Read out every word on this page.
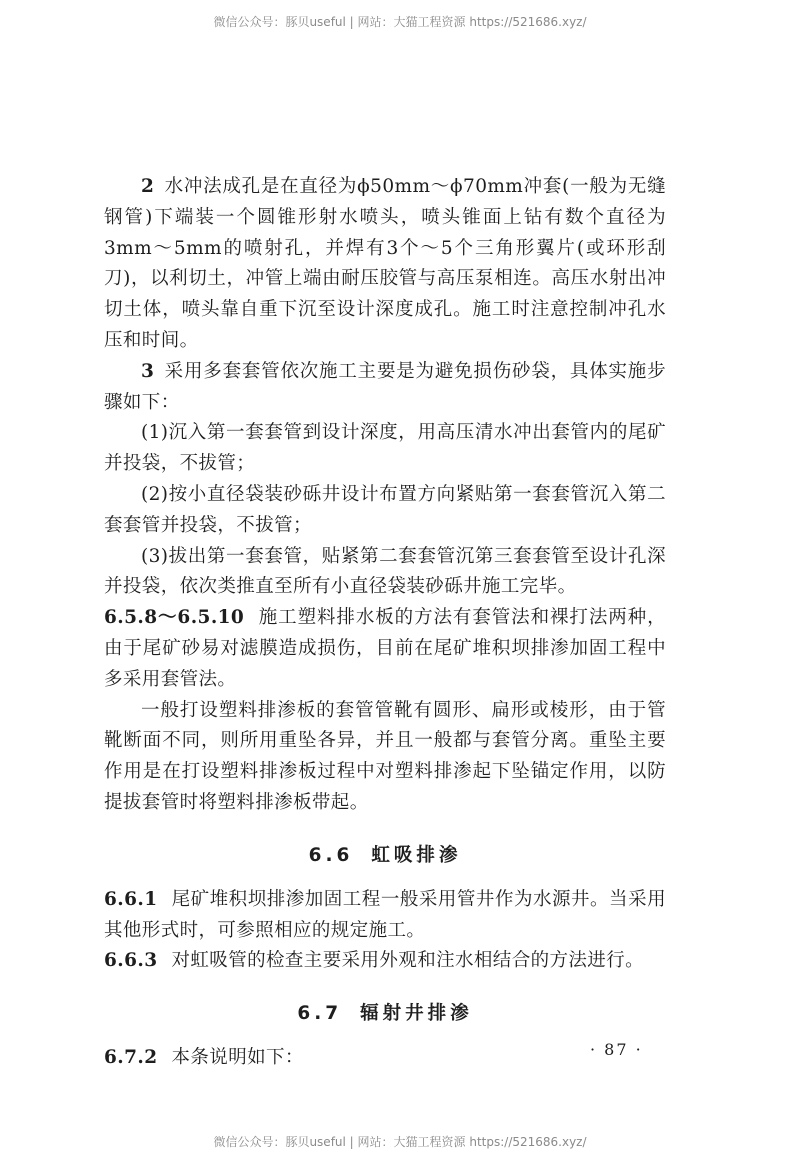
微信公众号：豚贝useful | 网站：大猫工程资源 https://521686.xyz/

2 水冲法成孔是在直径为ϕ50mm～ϕ70mm冲套(一般为无缝钢管)下端装一个圆锥形射水喷头，喷头锥面上钻有数个直径为3mm～5mm的喷射孔，并焊有3个～5个三角形翼片(或环形刮刀)，以利切土，冲管上端由耐压胶管与高压泵相连。高压水射出冲切土体，喷头靠自重下沉至设计深度成孔。施工时注意控制冲孔水压和时间。

3 采用多套套管依次施工主要是为避免损伤砂袋，具体实施步骤如下：

(1)沉入第一套套管到设计深度，用高压清水冲出套管内的尾矿并投袋，不拔管；

(2)按小直径袋装砂砾井设计布置方向紧贴第一套套管沉入第二套套管并投袋，不拔管；

(3)拔出第一套套管，贴紧第二套套管沉第三套套管至设计孔深并投袋，依次类推直至所有小直径袋装砂砾井施工完毕。

6.5.8～6.5.10 施工塑料排水板的方法有套管法和裸打法两种，由于尾矿砂易对滤膜造成损伤，目前在尾矿堆积坝排渗加固工程中多采用套管法。

一般打设塑料排渗板的套管管靴有圆形、扁形或棱形，由于管靴断面不同，则所用重坠各异，并且一般都与套管分离。重坠主要作用是在打设塑料排渗板过程中对塑料排渗起下坠锚定作用，以防提拔套管时将塑料排渗板带起。

6.6 虹吸排渗

6.6.1 尾矿堆积坝排渗加固工程一般采用管井作为水源井。当采用其他形式时，可参照相应的规定施工。

6.6.3 对虹吸管的检查主要采用外观和注水相结合的方法进行。

6.7 辐射井排渗

6.7.2 本条说明如下：	· 87 ·
微信公众号：豚贝useful | 网站：大猫工程资源 https://521686.xyz/
